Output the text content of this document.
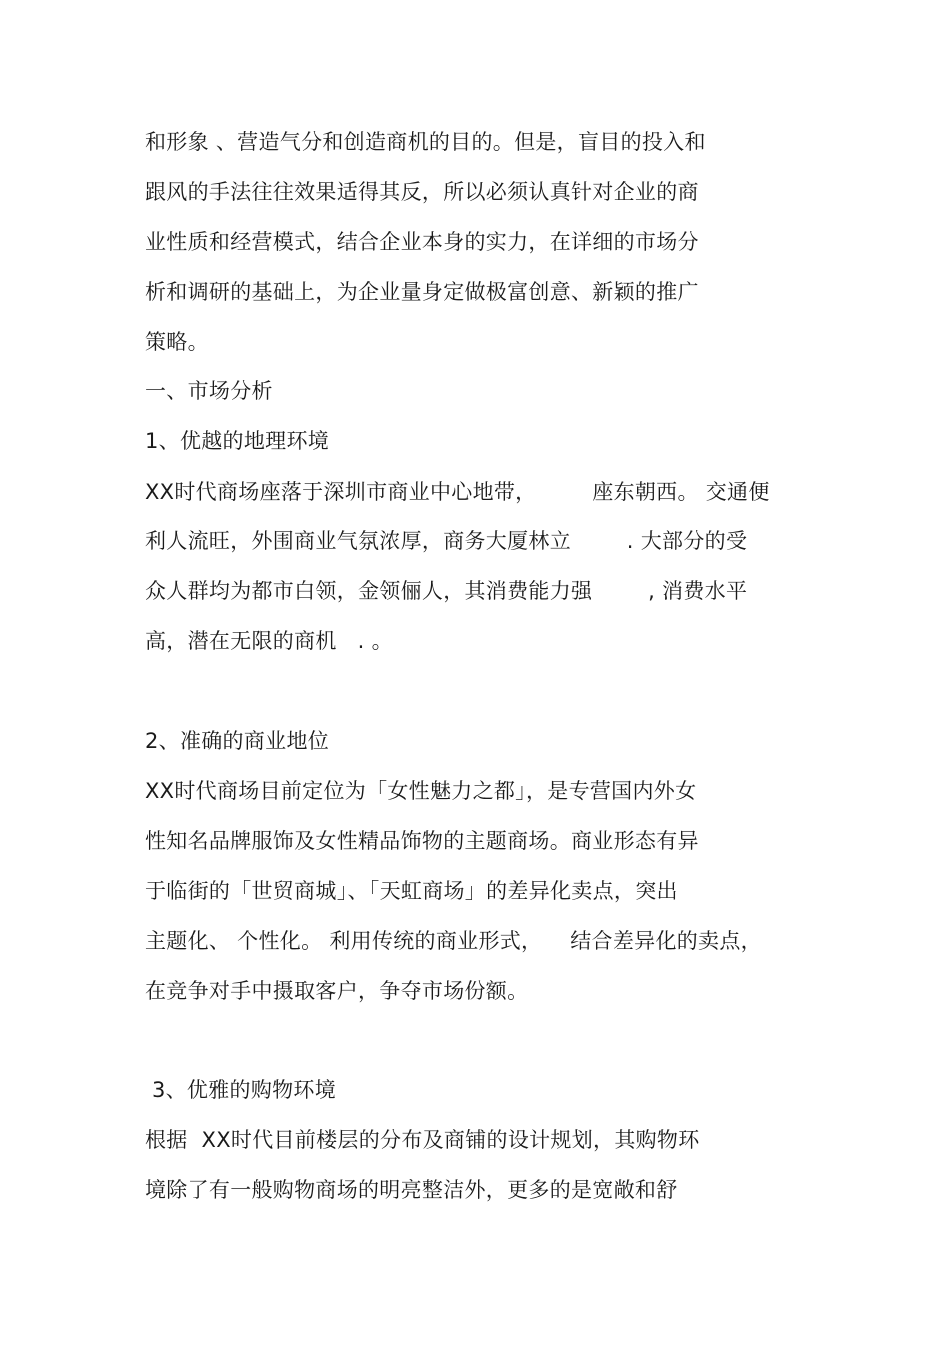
和形象 、营造气分和创造商机的目的。但是，盲目的投入和
跟风的手法往往效果适得其反，所以必须认真针对企业的商
业性质和经营模式，结合企业本身的实力，在详细的市场分
析和调研的基础上，为企业量身定做极富创意、新颖的推广
策略。
一、市场分析
1、优越的地理环境
XX时代商场座落于深圳市商业中心地带，        座东朝西。 交通便
利人流旺，外围商业气氛浓厚，商务大厦林立        . 大部分的受
众人群均为都市白领，金领俪人，其消费能力强        , 消费水平
高，潜在无限的商机   . 。
2、准确的商业地位
XX时代商场目前定位为「女性魅力之都」，是专营国内外女
性知名品牌服饰及女性精品饰物的主题商场。商业形态有异
于临街的「世贸商城」、「天虹商场」的差异化卖点，突出
主题化、 个性化。 利用传统的商业形式，    结合差异化的卖点，
在竞争对手中摄取客户，争夺市场份额。
3、优雅的购物环境
根据  XX时代目前楼层的分布及商铺的设计规划，其购物环
境除了有一般购物商场的明亮整洁外，更多的是宽敞和舒
